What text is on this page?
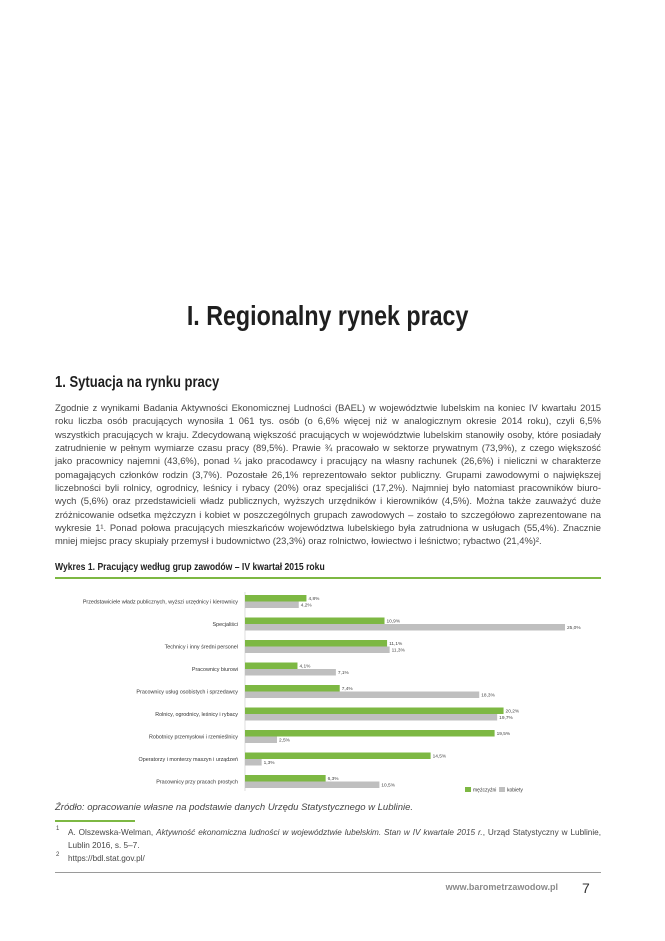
I. Regionalny rynek pracy
1. Sytuacja na rynku pracy
Zgodnie z wynikami Badania Aktywności Ekonomicznej Ludności (BAEL) w województwie lubelskim na koniec IV kwartału 2015
roku liczba osób pracujących wynosiła 1 061 tys. osób (o 6,6% więcej niż w analogicznym okresie 2014 roku), czyli 6,5%
wszystkich pracujących w kraju. Zdecydowaną większość pracujących w województwie lubelskim stanowiły osoby, które posiadały
zatrudnienie w pełnym wymiarze czasu pracy (89,5%). Prawie ¾ pracowało w sektorze prywatnym (73,9%), z czego większość
jako pracownicy najemni (43,6%), ponad ¼ jako pracodawcy i pracujący na własny rachunek (26,6%) i nieliczni w charakterze
pomagających członków rodzin (3,7%). Pozostałe 26,1% reprezentowało sektor publiczny. Grupami zawodowymi o największej
liczebności byli rolnicy, ogrodnicy, leśnicy i rybacy (20%) oraz specjaliści (17,2%). Najmniej było natomiast pracowników biuro-
wych (5,6%) oraz przedstawicieli władz publicznych, wyższych urzędników i kierowników (4,5%). Można także zauważyć duże
zróżnicowanie odsetka mężczyzn i kobiet w poszczególnych grupach zawodowych – zostało to szczegółowo zaprezentowane na
wykresie 1¹. Ponad połowa pracujących mieszkańców województwa lubelskiego była zatrudniona w usługach (55,4%). Znacznie
mniej miejsc pracy skupiały przemysł i budownictwo (23,3%) oraz rolnictwo, łowiectwo i leśnictwo; rybactwo (21,4%)².
Wykres 1. Pracujący według grup zawodów – IV kwartał 2015 roku
Przedstawiciele władz publicznych, wyższi urzędnicy i kierownicy	4,8%
4,2%
Specjaliści	10,9%
25,0%
Technicy i inny średni personel	11,1%
11,3%
Pracownicy biurowi	4,1%
7,1%
Pracownicy usług osobistych i sprzedawcy	7,4%
18,3%
Rolnicy, ogrodnicy, leśnicy i rybacy	20,2%
19,7%
Robotnicy przemysłowi i rzemieślnicy	19,5%
2,5%
Operatorzy i monterzy maszyn i urządzeń	14,5%
1,3%
Pracownicy przy pracach prostych	6,3%
10,5%
mężczyźni kobiety
Źródło: opracowanie własne na podstawie danych Urzędu Statystycznego w Lublinie.
1 A. Olszewska-Welman, Aktywność ekonomiczna ludności w województwie lubelskim. Stan w IV kwartale 2015 r., Urząd Statystyczny w Lublinie,
Lublin 2016, s. 5–7.
2 https://bdl.stat.gov.pl/
www.barometrzawodow.pl 7
